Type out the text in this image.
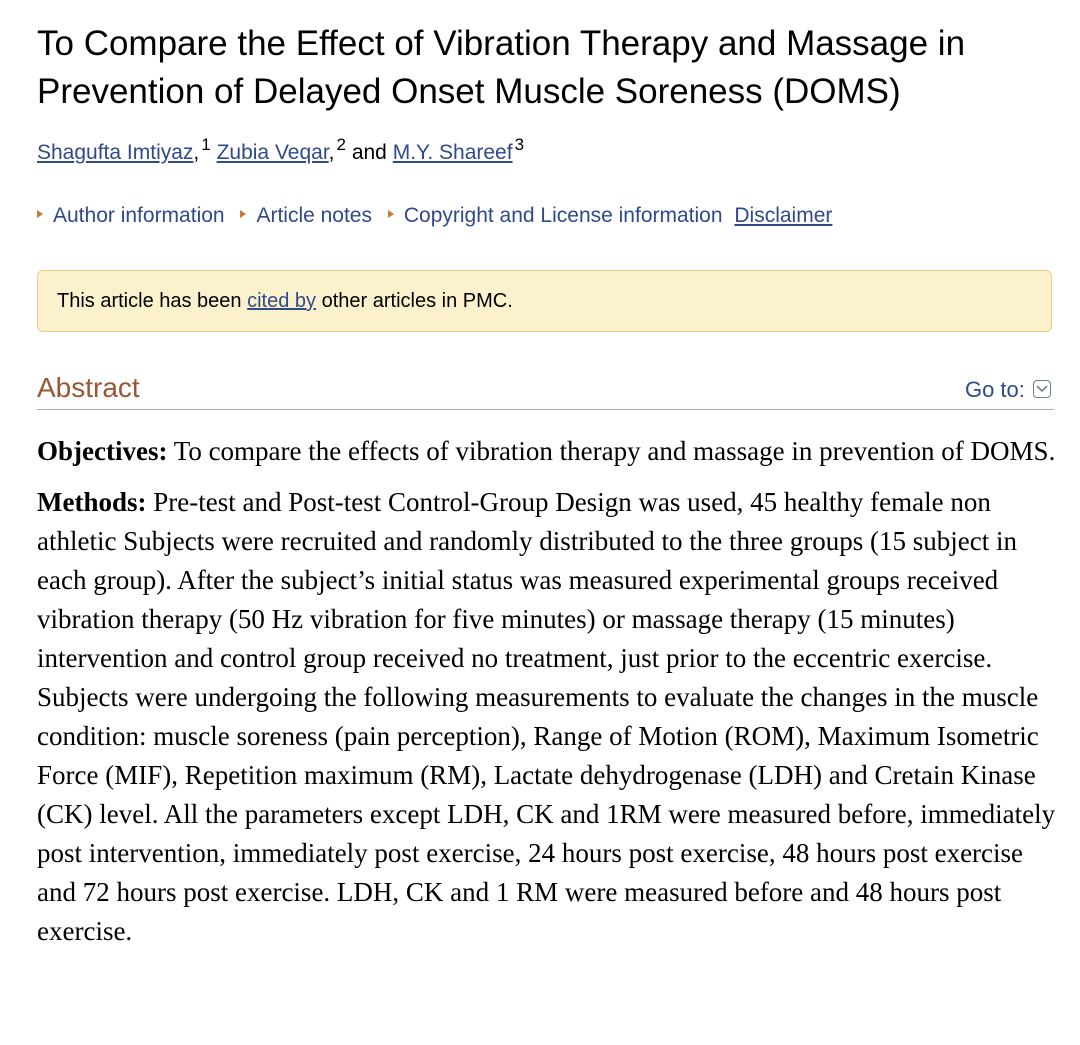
To Compare the Effect of Vibration Therapy and Massage in Prevention of Delayed Onset Muscle Soreness (DOMS)
Shagufta Imtiyaz, $^1$ Zubia Veqar, $^2$ and M.Y. Shareef $^3$
Author information Article notes Copyright and License information Disclaimer
This article has been cited by other articles in PMC.
Abstract	Go to:

Objectives: To compare the effects of vibration therapy and massage in prevention of DOMS.

Methods: Pre-test and Post-test Control-Group Design was used, 45 healthy female non athletic Subjects were recruited and randomly distributed to the three groups (15 subject in each group). After the subject’s initial status was measured experimental groups received vibration therapy (50 Hz vibration for five minutes) or massage therapy (15 minutes) intervention and control group received no treatment, just prior to the eccentric exercise. Subjects were undergoing the following measurements to evaluate the changes in the muscle condition: muscle soreness (pain perception), Range of Motion (ROM), Maximum Isometric Force (MIF), Repetition maximum (RM), Lactate dehydrogenase (LDH) and Cretain Kinase (CK) level. All the parameters except LDH, CK and 1RM were measured before, immediately post intervention, immediately post exercise, 24 hours post exercise, 48 hours post exercise and 72 hours post exercise. LDH, CK and 1 RM were measured before and 48 hours post exercise.
